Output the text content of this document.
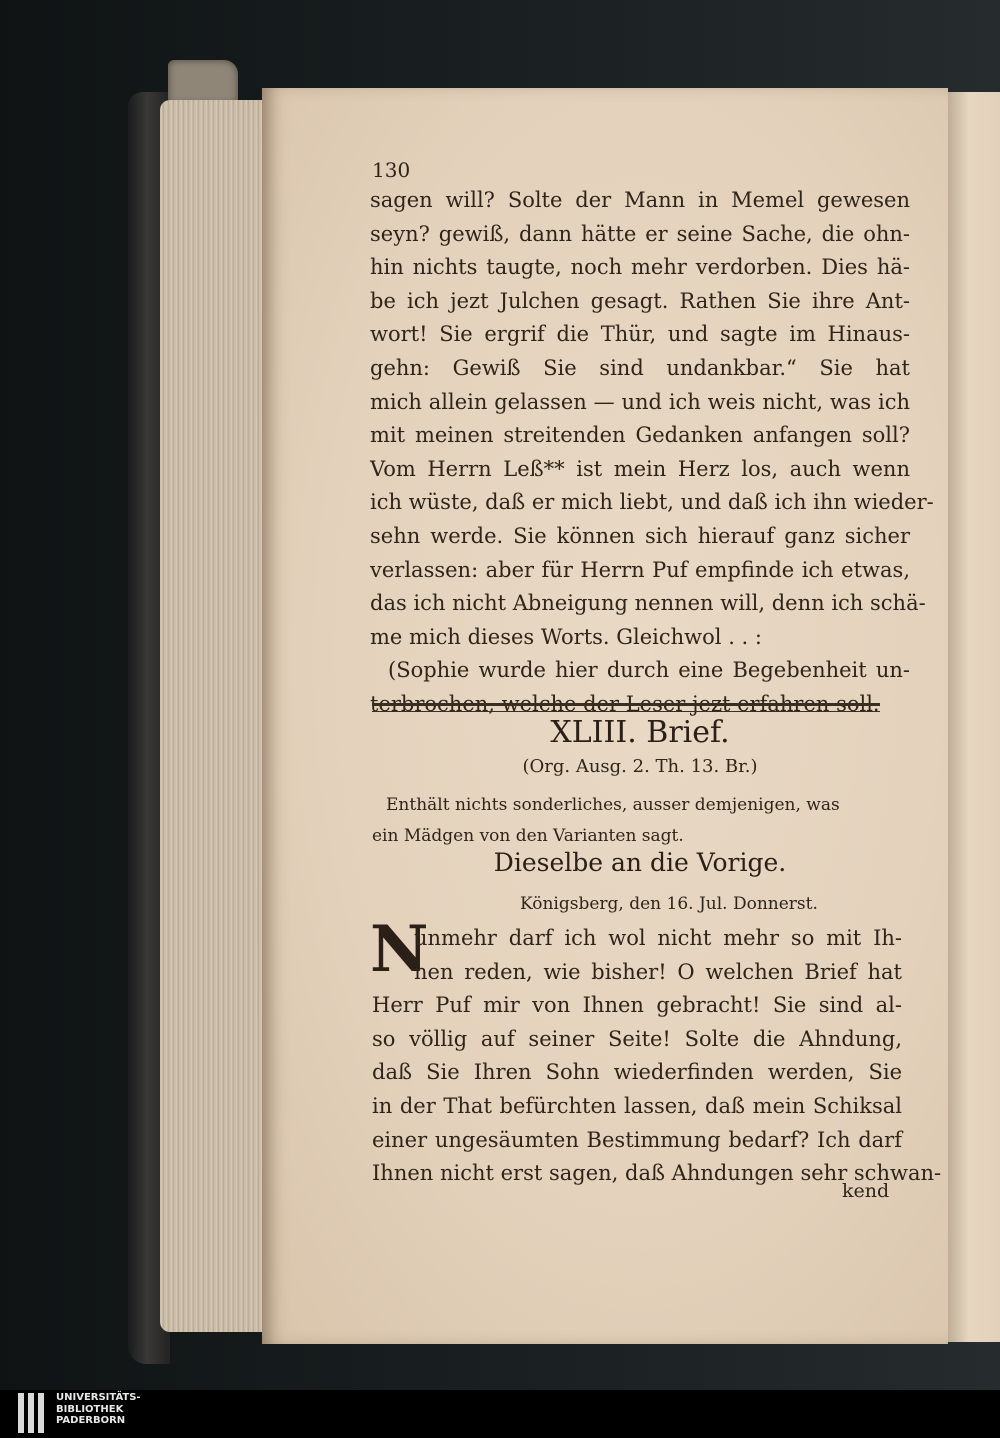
130
sagen will? Solte der Mann in Memel gewesen
seyn? gewiß, dann hätte er seine Sache, die ohn-
hin nichts taugte, noch mehr verdorben. Dies hä-
be ich jezt Julchen gesagt. Rathen Sie ihre Ant-
wort! Sie ergrif die Thür, und sagte im Hinaus-
gehn: Gewiß Sie sind undankbar.“ Sie hat
mich allein gelassen — und ich weis nicht, was ich
mit meinen streitenden Gedanken anfangen soll?
Vom Herrn Leß** ist mein Herz los, auch wenn
ich wüste, daß er mich liebt, und daß ich ihn wieder-
sehn werde. Sie können sich hierauf ganz sicher
verlassen: aber für Herrn Puf empfinde ich etwas,
das ich nicht Abneigung nennen will, denn ich schä-
me mich dieses Worts. Gleichwol . . :
(Sophie wurde hier durch eine Begebenheit un-
terbrochen, welche der Leser jezt erfahren soll.
XLIII. Brief.
(Org. Ausg. 2. Th. 13. Br.)
Enthält nichts sonderliches, ausser demjenigen, was
ein Mädgen von den Varianten sagt.
Dieselbe an die Vorige.
Königsberg, den 16. Jul. Donnerst.
N
unmehr darf ich wol nicht mehr so mit Ih-
nen reden, wie bisher! O welchen Brief hat
Herr Puf mir von Ihnen gebracht! Sie sind al-
so völlig auf seiner Seite! Solte die Ahndung,
daß Sie Ihren Sohn wiederfinden werden, Sie
in der That befürchten lassen, daß mein Schiksal
einer ungesäumten Bestimmung bedarf? Ich darf
Ihnen nicht erst sagen, daß Ahndungen sehr schwan-
kend
UNIVERSITÄTS-
BIBLIOTHEK
PADERBORN
